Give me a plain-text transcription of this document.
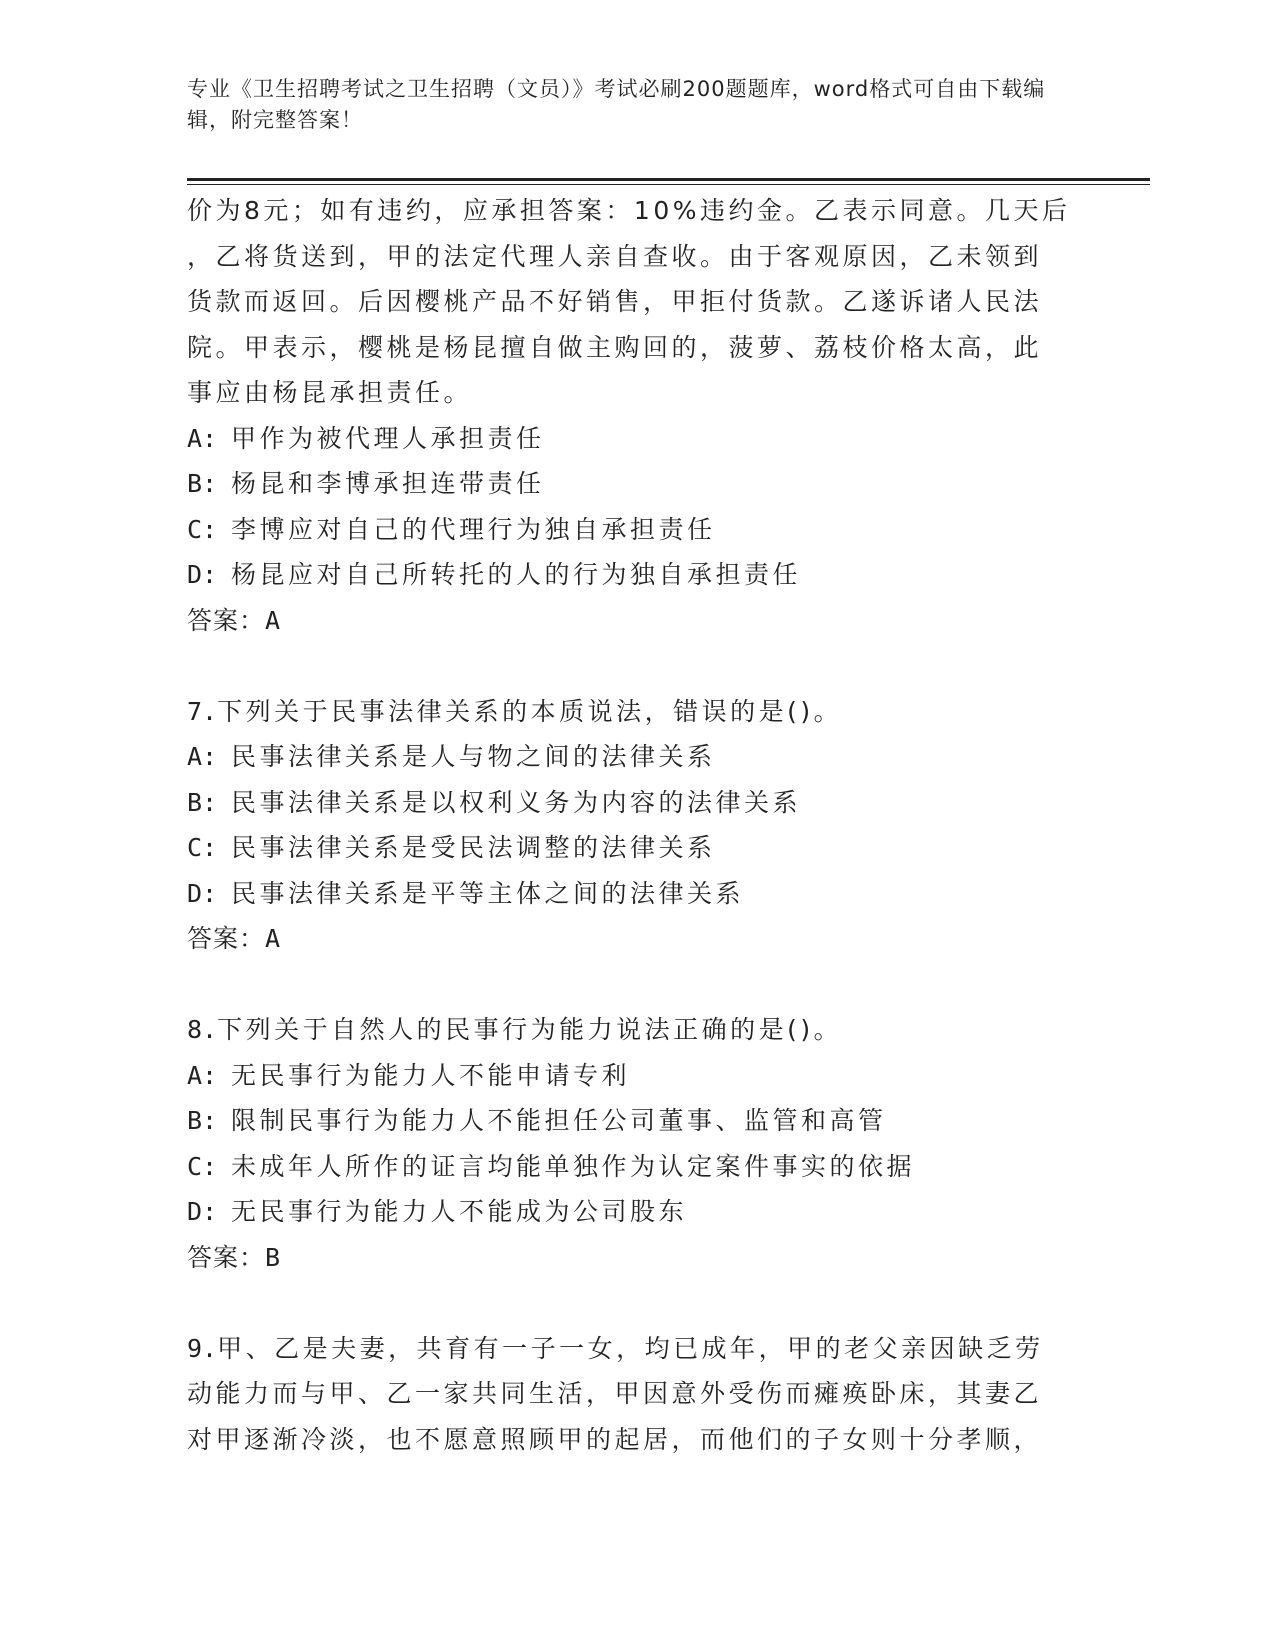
专业《卫生招聘考试之卫生招聘（文员）》考试必刷200题题库，word格式可自由下载编辑，附完整答案！
价为8元；如有违约，应承担答案：10%违约金。乙表示同意。几天后
，乙将货送到，甲的法定代理人亲自查收。由于客观原因，乙未领到
货款而返回。后因樱桃产品不好销售，甲拒付货款。乙遂诉诸人民法
院。甲表示，樱桃是杨昆擅自做主购回的，菠萝、荔枝价格太高，此
事应由杨昆承担责任。
A: 甲作为被代理人承担责任
B: 杨昆和李博承担连带责任
C: 李博应对自己的代理行为独自承担责任
D: 杨昆应对自己所转托的人的行为独自承担责任
答案：A
7.下列关于民事法律关系的本质说法，错误的是()。
A: 民事法律关系是人与物之间的法律关系
B: 民事法律关系是以权利义务为内容的法律关系
C: 民事法律关系是受民法调整的法律关系
D: 民事法律关系是平等主体之间的法律关系
答案：A
8.下列关于自然人的民事行为能力说法正确的是()。
A: 无民事行为能力人不能申请专利
B: 限制民事行为能力人不能担任公司董事、监管和高管
C: 未成年人所作的证言均能单独作为认定案件事实的依据
D: 无民事行为能力人不能成为公司股东
答案：B
9.甲、乙是夫妻，共育有一子一女，均已成年，甲的老父亲因缺乏劳
动能力而与甲、乙一家共同生活，甲因意外受伤而瘫痪卧床，其妻乙
对甲逐渐冷淡，也不愿意照顾甲的起居，而他们的子女则十分孝顺，
